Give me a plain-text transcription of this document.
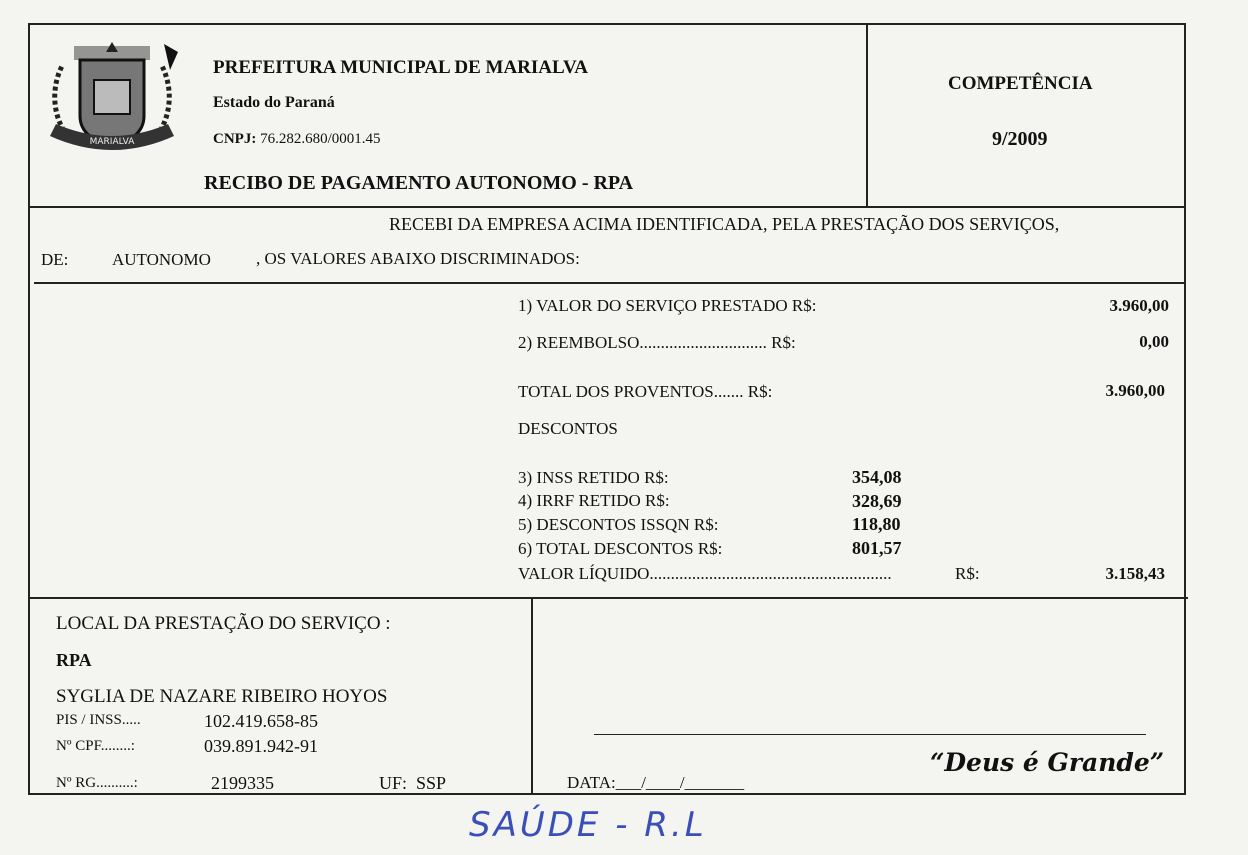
MARIALVA
PREFEITURA MUNICIPAL DE MARIALVA
Estado do Paraná
CNPJ: 76.282.680/0001.45
RECIBO DE PAGAMENTO AUTONOMO - RPA
COMPETÊNCIA
9/2009
RECEBI DA EMPRESA ACIMA IDENTIFICADA, PELA PRESTAÇÃO DOS SERVIÇOS,
DE:	AUTONOMO	, OS VALORES ABAIXO DISCRIMINADOS:
1) VALOR DO SERVIÇO PRESTADO R$:	3.960,00
2) REEMBOLSO.............................. R$:	0,00
TOTAL DOS PROVENTOS....... R$:	3.960,00
DESCONTOS
3) INSS RETIDO R$:	354,08
4) IRRF RETIDO R$:	328,69
5) DESCONTOS ISSQN R$:	118,80
6) TOTAL DESCONTOS R$:	801,57
VALOR LÍQUIDO.........................................................	R$:	3.158,43
LOCAL DA PRESTAÇÃO DO SERVIÇO :
RPA
SYGLIA DE NAZARE RIBEIRO HOYOS
PIS / INSS.....	102.419.658-85
Nº CPF........:	039.891.942-91
Nº RG..........:	2199335	UF: SSP	DATA:___/____/_______
“Deus é Grande”
SAÚDE - R.L
